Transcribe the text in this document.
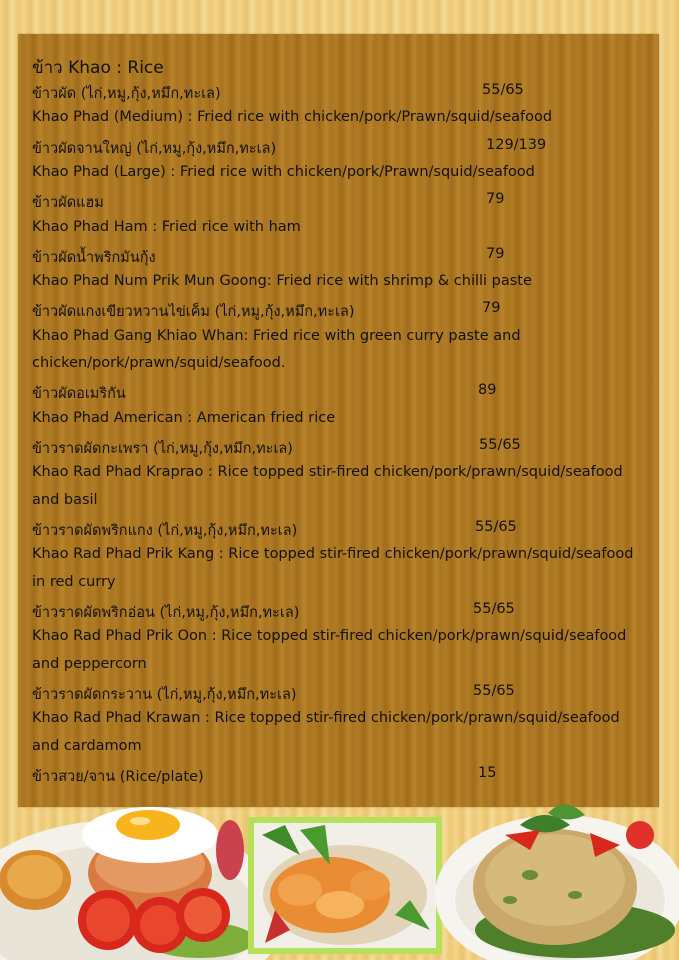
ข้าว Khao : Rice
ข้าวผัด (ไก่,หมู,กุ้ง,หมึก,ทะเล)	55/65
Khao Phad (Medium) : Fried rice with chicken/pork/Prawn/squid/seafood
ข้าวผัดจานใหญ่ (ไก่,หมู,กุ้ง,หมึก,ทะเล)	129/139
Khao Phad (Large) : Fried rice with chicken/pork/Prawn/squid/seafood
ข้าวผัดแฮม	79
Khao Phad Ham : Fried rice with ham
ข้าวผัดน้ำพริกมันกุ้ง	79
Khao Phad Num Prik Mun Goong: Fried rice with shrimp & chilli paste
ข้าวผัดแกงเขียวหวานไข่เค็ม (ไก่,หมู,กุ้ง,หมึก,ทะเล)	79
Khao Phad Gang Khiao Whan: Fried rice with green curry paste and
chicken/pork/prawn/squid/seafood.
ข้าวผัดอเมริกัน	89
Khao Phad American : American fried rice
ข้าวราดผัดกะเพรา (ไก่,หมู,กุ้ง,หมึก,ทะเล)	55/65
Khao Rad Phad Kraprao : Rice topped stir-fired chicken/pork/prawn/squid/seafood
and basil
ข้าวราดผัดพริกแกง (ไก่,หมู,กุ้ง,หมึก,ทะเล)	55/65
Khao Rad Phad Prik Kang : Rice topped stir-fired chicken/pork/prawn/squid/seafood
in red curry
ข้าวราดผัดพริกอ่อน (ไก่,หมู,กุ้ง,หมึก,ทะเล)	55/65
Khao Rad Phad Prik Oon : Rice topped stir-fired chicken/pork/prawn/squid/seafood
and peppercorn
ข้าวราดผัดกระวาน (ไก่,หมู,กุ้ง,หมึก,ทะเล)	55/65
Khao Rad Phad Krawan : Rice topped stir-fired chicken/pork/prawn/squid/seafood
and cardamom
ข้าวสวย/จาน (Rice/plate)	15
